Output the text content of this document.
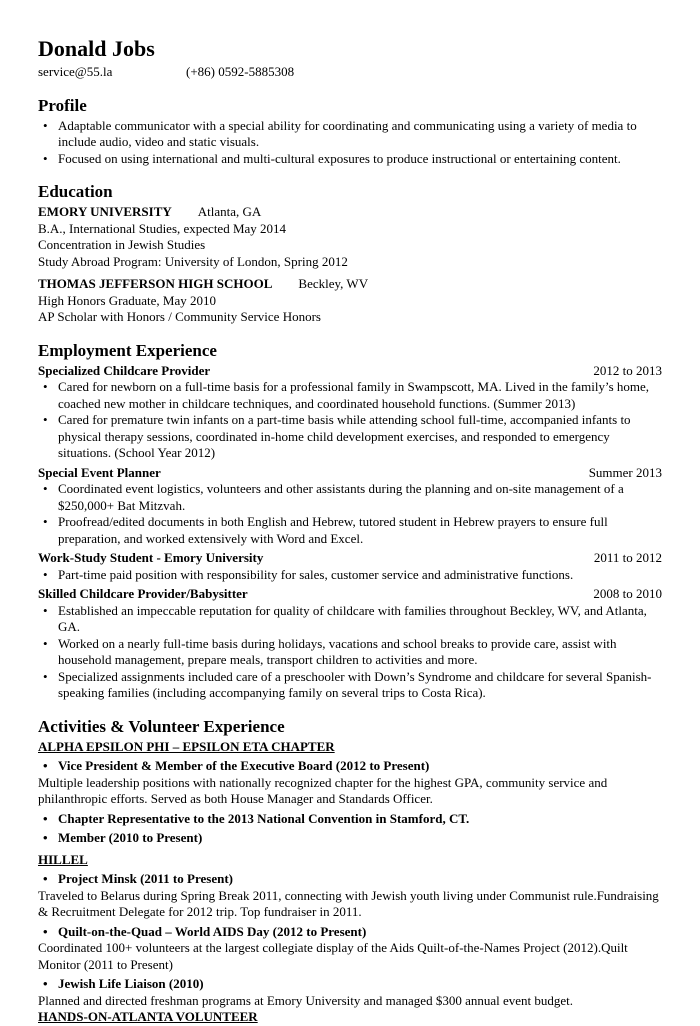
Donald Jobs
service@55.la	(+86) 0592-5885308
Profile
• Adaptable communicator with a special ability for coordinating and communicating using a variety of media to include audio, video and static visuals.
• Focused on using international and multi-cultural exposures to produce instructional or entertaining content.
Education
EMORY UNIVERSITY Atlanta, GA
B.A., International Studies, expected May 2014
Concentration in Jewish Studies
Study Abroad Program: University of London, Spring 2012
THOMAS JEFFERSON HIGH SCHOOL Beckley, WV
High Honors Graduate, May 2010
AP Scholar with Honors / Community Service Honors
Employment Experience
Specialized Childcare Provider	2012 to 2013
• Cared for newborn on a full-time basis for a professional family in Swampscott, MA. Lived in the family’s home, coached new mother in childcare techniques, and coordinated household functions. (Summer 2013)
• Cared for premature twin infants on a part-time basis while attending school full-time, accompanied infants to physical therapy sessions, coordinated in-home child development exercises, and responded to emergency situations. (School Year 2012)
Special Event Planner	Summer 2013
• Coordinated event logistics, volunteers and other assistants during the planning and on-site management of a $250,000+ Bat Mitzvah.
• Proofread/edited documents in both English and Hebrew, tutored student in Hebrew prayers to ensure full preparation, and worked extensively with Word and Excel.
Work-Study Student - Emory University	2011 to 2012
• Part-time paid position with responsibility for sales, customer service and administrative functions.
Skilled Childcare Provider/Babysitter	2008 to 2010
• Established an impeccable reputation for quality of childcare with families throughout Beckley, WV, and Atlanta, GA.
• Worked on a nearly full-time basis during holidays, vacations and school breaks to provide care, assist with household management, prepare meals, transport children to activities and more.
• Specialized assignments included care of a preschooler with Down’s Syndrome and childcare for several Spanish-speaking families (including accompanying family on several trips to Costa Rica).
Activities & Volunteer Experience
ALPHA EPSILON PHI – EPSILON ETA CHAPTER
• Vice President & Member of the Executive Board (2012 to Present)
Multiple leadership positions with nationally recognized chapter for the highest GPA, community service and philanthropic efforts. Served as both House Manager and Standards Officer.
• Chapter Representative to the 2013 National Convention in Stamford, CT.
• Member (2010 to Present)
HILLEL
• Project Minsk (2011 to Present)
Traveled to Belarus during Spring Break 2011, connecting with Jewish youth living under Communist rule.Fundraising & Recruitment Delegate for 2012 trip. Top fundraiser in 2011.
• Quilt-on-the-Quad – World AIDS Day (2012 to Present)
Coordinated 100+ volunteers at the largest collegiate display of the Aids Quilt-of-the-Names Project (2012).Quilt Monitor (2011 to Present)
• Jewish Life Liaison (2010)
Planned and directed freshman programs at Emory University and managed $300 annual event budget.
HANDS-ON-ATLANTA VOLUNTEER
